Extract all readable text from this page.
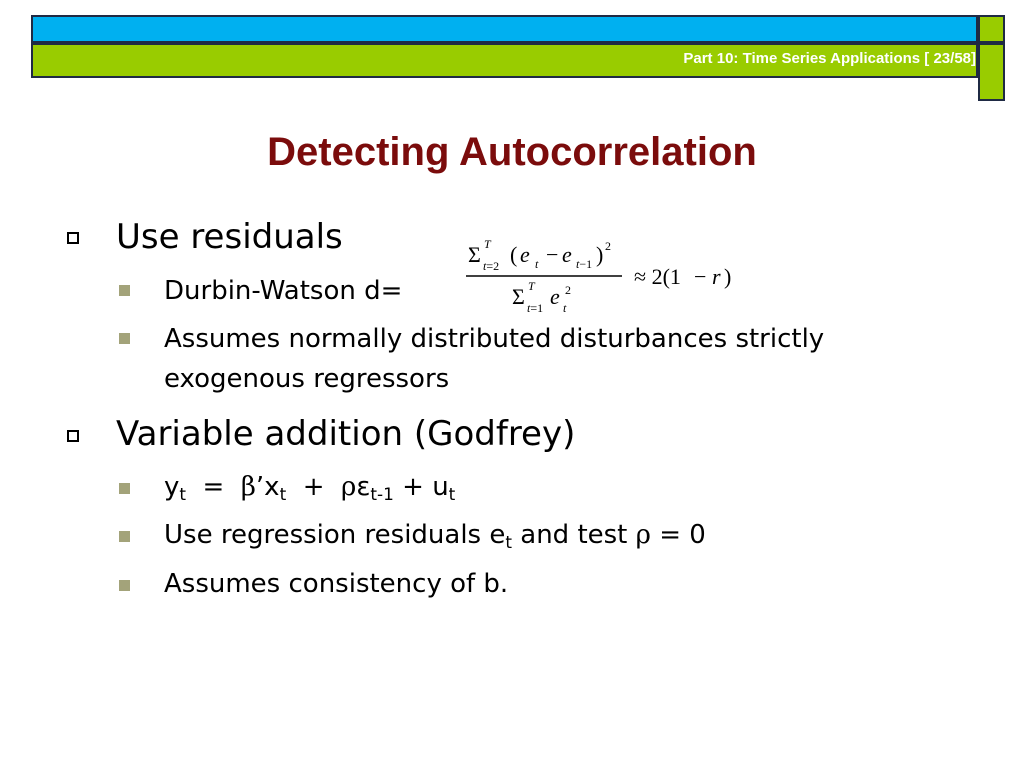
Part 10: Time Series Applications [ 23/58]
Detecting Autocorrelation
Use residuals
Durbin-Watson d=
Σ T
t=2 ( e t − e t−1 ) 2
Σ T
t=1 e 2
t
≈ 2(1 − r )
Assumes normally distributed disturbances strictly
exogenous regressors
Variable addition (Godfrey)
$y_t$ = $\beta’x_t + \rho\varepsilon_{t-1} + u_t$
Use regression residuals $e_t$ and test ρ = 0
Assumes consistency of b.
